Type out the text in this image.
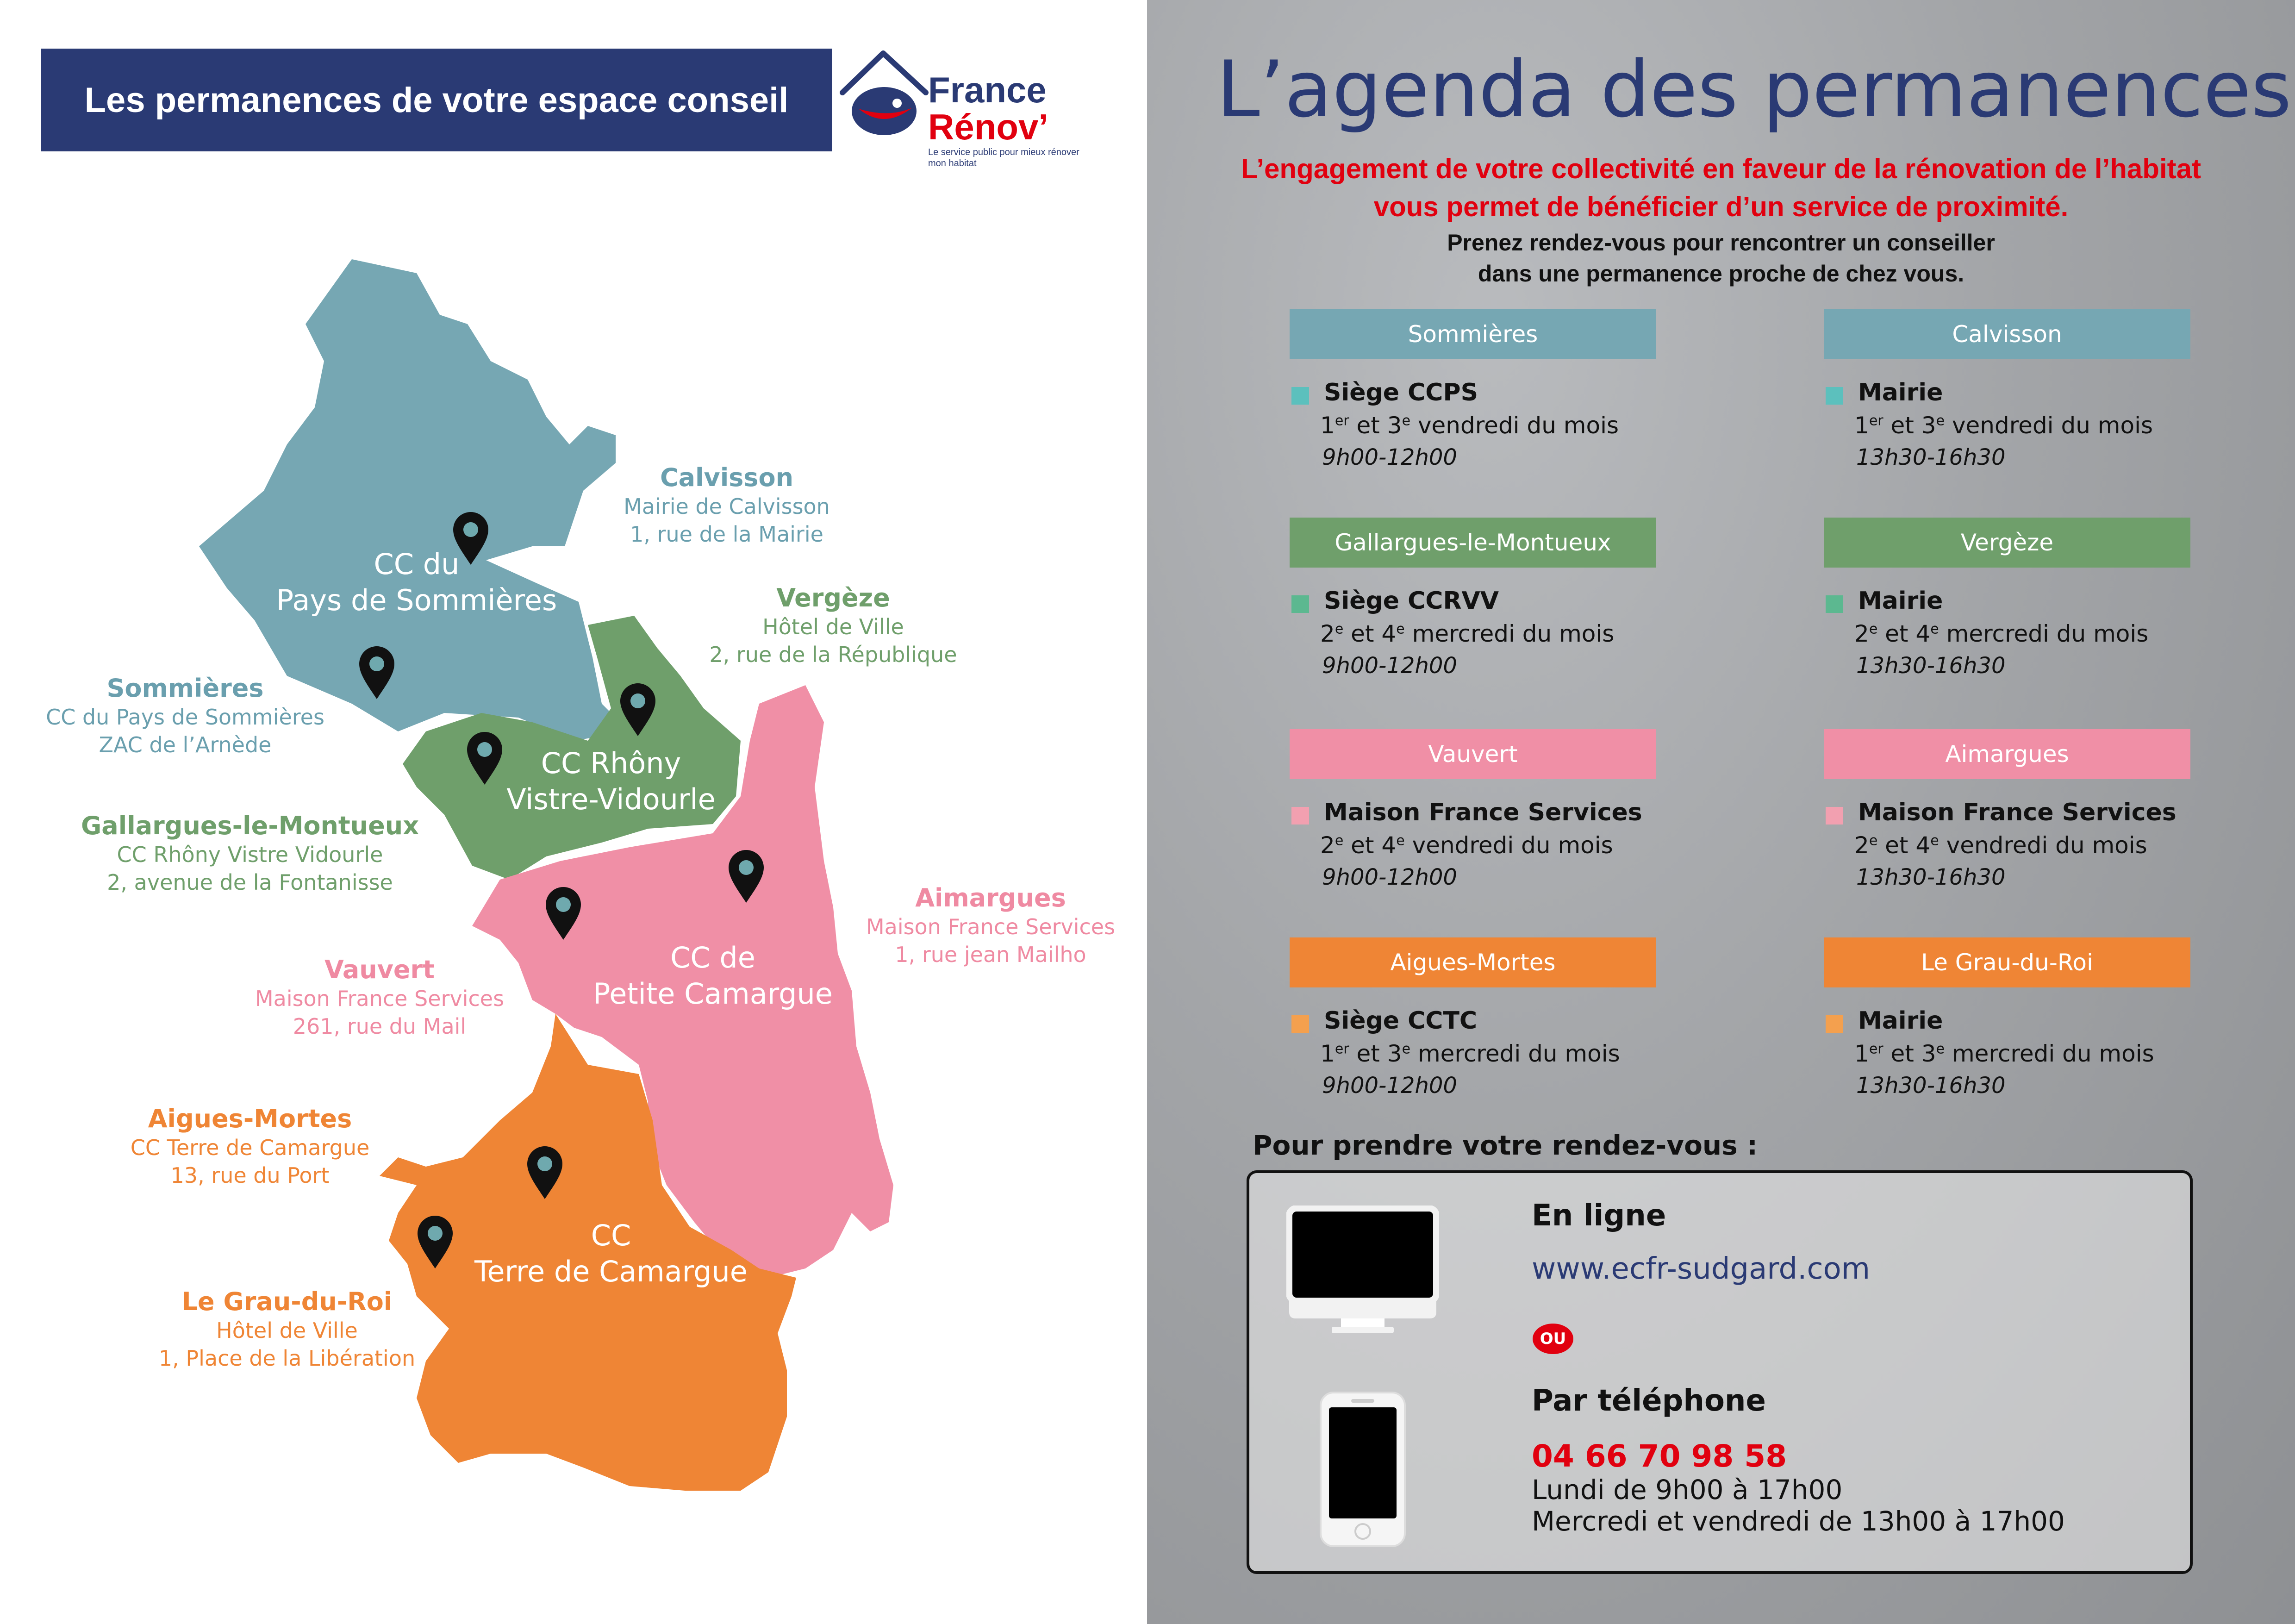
Les permanences de votre espace conseil	France
Rénov’
Le service public pour mieux rénover mon habitat
CC du
Pays de Sommières
CC Rhôny
Vistre-Vidourle
CC de
Petite Camargue
CC
Terre de Camargue
Calvisson
Mairie de Calvisson
1, rue de la Mairie
Vergèze
Hôtel de Ville
2, rue de la République
Sommières
CC du Pays de Sommières
ZAC de l’Arnède
Gallargues-le-Montueux
CC Rhôny Vistre Vidourle
2, avenue de la Fontanisse
Aimargues
Maison France Services
1, rue jean Mailho
Vauvert
Maison France Services
261, rue du Mail
Aigues-Mortes
CC Terre de Camargue
13, rue du Port
Le Grau-du-Roi
Hôtel de Ville
1, Place de la Libération
L’agenda des permanences
L’engagement de votre collectivité en faveur de la rénovation de l’habitat
vous permet de bénéficier d’un service de proximité.
Prenez rendez-vous pour rencontrer un conseiller
dans une permanence proche de chez vous.
Sommières
Siège CCPS
1er et 3e vendredi du mois
9h00-12h00
Calvisson
Mairie
1er et 3e vendredi du mois
13h30-16h30
Gallargues-le-Montueux
Siège CCRVV
2e et 4e mercredi du mois
9h00-12h00
Vergèze
Mairie
2e et 4e mercredi du mois
13h30-16h30
Vauvert
Maison France Services
2e et 4e vendredi du mois
9h00-12h00
Aimargues
Maison France Services
2e et 4e vendredi du mois
13h30-16h30
Aigues-Mortes
Siège CCTC
1er et 3e mercredi du mois
9h00-12h00
Le Grau-du-Roi
Mairie
1er et 3e mercredi du mois
13h30-16h30
Pour prendre votre rendez-vous :
En ligne
www.ecfr-sudgard.com
OU
Par téléphone
04 66 70 98 58
Lundi de 9h00 à 17h00
Mercredi et vendredi de 13h00 à 17h00
